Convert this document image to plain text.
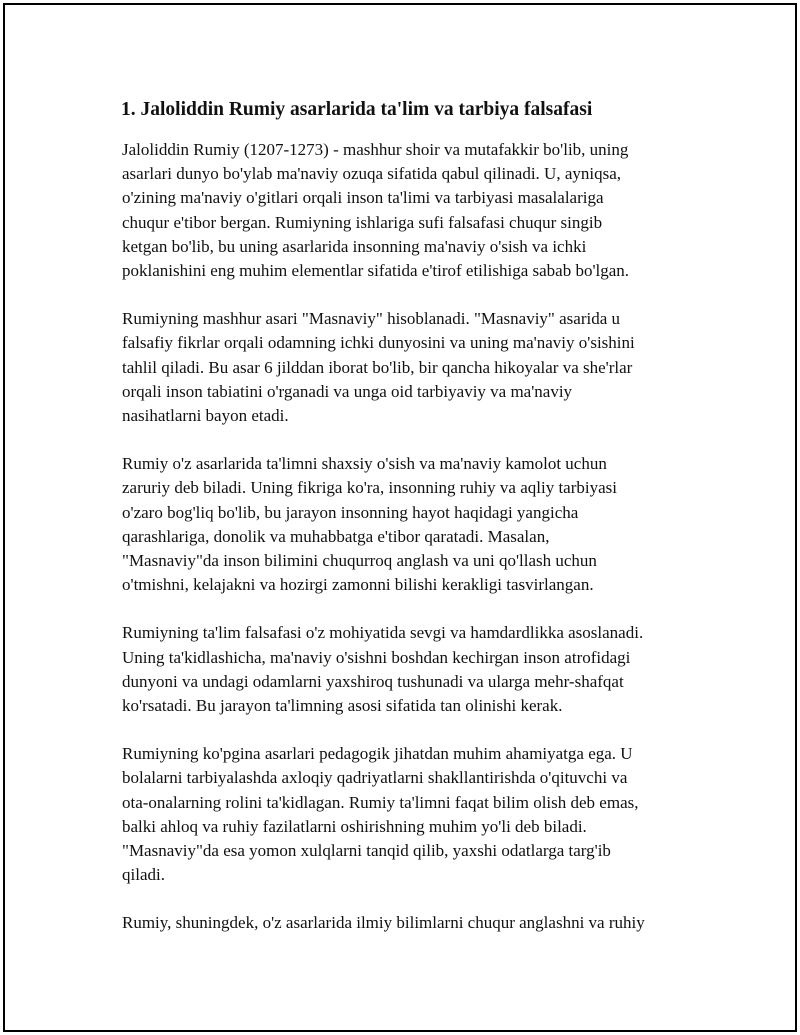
1. Jaloliddin Rumiy asarlarida ta'lim va tarbiya falsafasi

Jaloliddin Rumiy (1207-1273) - mashhur shoir va mutafakkir bo'lib, uning
asarlari dunyo bo'ylab ma'naviy ozuqa sifatida qabul qilinadi. U, ayniqsa,
o'zining ma'naviy o'gitlari orqali inson ta'limi va tarbiyasi masalalariga
chuqur e'tibor bergan. Rumiyning ishlariga sufi falsafasi chuqur singib
ketgan bo'lib, bu uning asarlarida insonning ma'naviy o'sish va ichki
poklanishini eng muhim elementlar sifatida e'tirof etilishiga sabab bo'lgan.

Rumiyning mashhur asari "Masnaviy" hisoblanadi. "Masnaviy" asarida u
falsafiy fikrlar orqali odamning ichki dunyosini va uning ma'naviy o'sishini
tahlil qiladi. Bu asar 6 jilddan iborat bo'lib, bir qancha hikoyalar va she'rlar
orqali inson tabiatini o'rganadi va unga oid tarbiyaviy va ma'naviy
nasihatlarni bayon etadi.

Rumiy o'z asarlarida ta'limni shaxsiy o'sish va ma'naviy kamolot uchun
zaruriy deb biladi. Uning fikriga ko'ra, insonning ruhiy va aqliy tarbiyasi
o'zaro bog'liq bo'lib, bu jarayon insonning hayot haqidagi yangicha
qarashlariga, donolik va muhabbatga e'tibor qaratadi. Masalan,
"Masnaviy"da inson bilimini chuqurroq anglash va uni qo'llash uchun
o'tmishni, kelajakni va hozirgi zamonni bilishi kerakligi tasvirlangan.

Rumiyning ta'lim falsafasi o'z mohiyatida sevgi va hamdardlikka asoslanadi.
Uning ta'kidlashicha, ma'naviy o'sishni boshdan kechirgan inson atrofidagi
dunyoni va undagi odamlarni yaxshiroq tushunadi va ularga mehr-shafqat
ko'rsatadi. Bu jarayon ta'limning asosi sifatida tan olinishi kerak.

Rumiyning ko'pgina asarlari pedagogik jihatdan muhim ahamiyatga ega. U
bolalarni tarbiyalashda axloqiy qadriyatlarni shakllantirishda o'qituvchi va
ota-onalarning rolini ta'kidlagan. Rumiy ta'limni faqat bilim olish deb emas,
balki ahloq va ruhiy fazilatlarni oshirishning muhim yo'li deb biladi.
"Masnaviy"da esa yomon xulqlarni tanqid qilib, yaxshi odatlarga targ'ib
qiladi.

Rumiy, shuningdek, o'z asarlarida ilmiy bilimlarni chuqur anglashni va ruhiy
